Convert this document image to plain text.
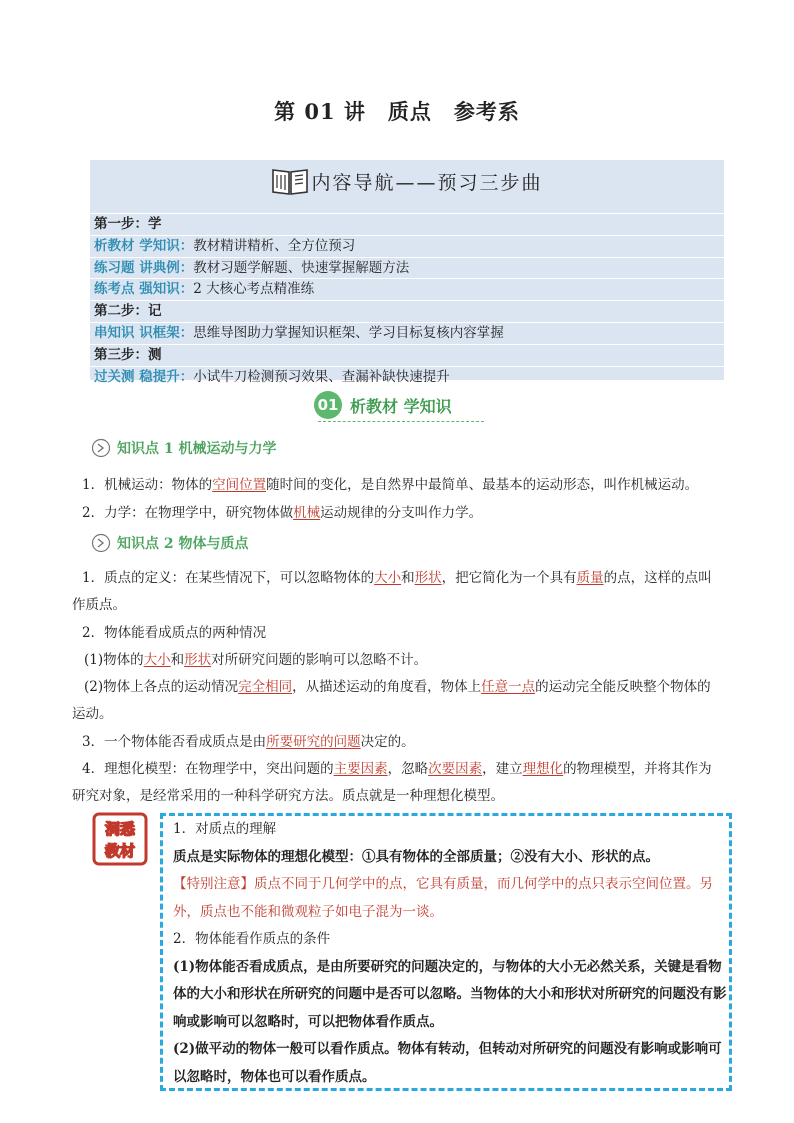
第 01 讲 质点 参考系
内容导航——预习三步曲
第一步：学
析教材 学知识：教材精讲精析、全方位预习
练习题 讲典例：教材习题学解题、快速掌握解题方法
练考点 强知识：2 大核心考点精准练
第二步：记
串知识 识框架：思维导图助力掌握知识框架、学习目标复核内容掌握
第三步：测
过关测 稳提升：小试牛刀检测预习效果、查漏补缺快速提升
01 析教材 学知识
知识点 1 机械运动与力学
1．机械运动：物体的空间位置随时间的变化，是自然界中最简单、最基本的运动形态，叫作机械运动。
2．力学：在物理学中，研究物体做机械运动规律的分支叫作力学。
知识点 2 物体与质点
1．质点的定义：在某些情况下，可以忽略物体的大小和形状，把它简化为一个具有质量的点，这样的点叫作质点。
2．物体能看成质点的两种情况
(1)物体的大小和形状对所研究问题的影响可以忽略不计。
(2)物体上各点的运动情况完全相同，从描述运动的角度看，物体上任意一点的运动完全能反映整个物体的运动。
3．一个物体能否看成质点是由所要研究的问题决定的。
4．理想化模型：在物理学中，突出问题的主要因素，忽略次要因素，建立理想化的物理模型，并将其作为研究对象，是经常采用的一种科学研究方法。质点就是一种理想化模型。
洞悉
教材
1．对质点的理解
质点是实际物体的理想化模型：①具有物体的全部质量；②没有大小、形状的点。
【特别注意】质点不同于几何学中的点，它具有质量，而几何学中的点只表示空间位置。另外，质点也不能和微观粒子如电子混为一谈。
2．物体能看作质点的条件
(1)物体能否看成质点，是由所要研究的问题决定的，与物体的大小无必然关系，关键是看物体的大小和形状在所研究的问题中是否可以忽略。当物体的大小和形状对所研究的问题没有影响或影响可以忽略时，可以把物体看作质点。
(2)做平动的物体一般可以看作质点。物体有转动，但转动对所研究的问题没有影响或影响可以忽略时，物体也可以看作质点。
